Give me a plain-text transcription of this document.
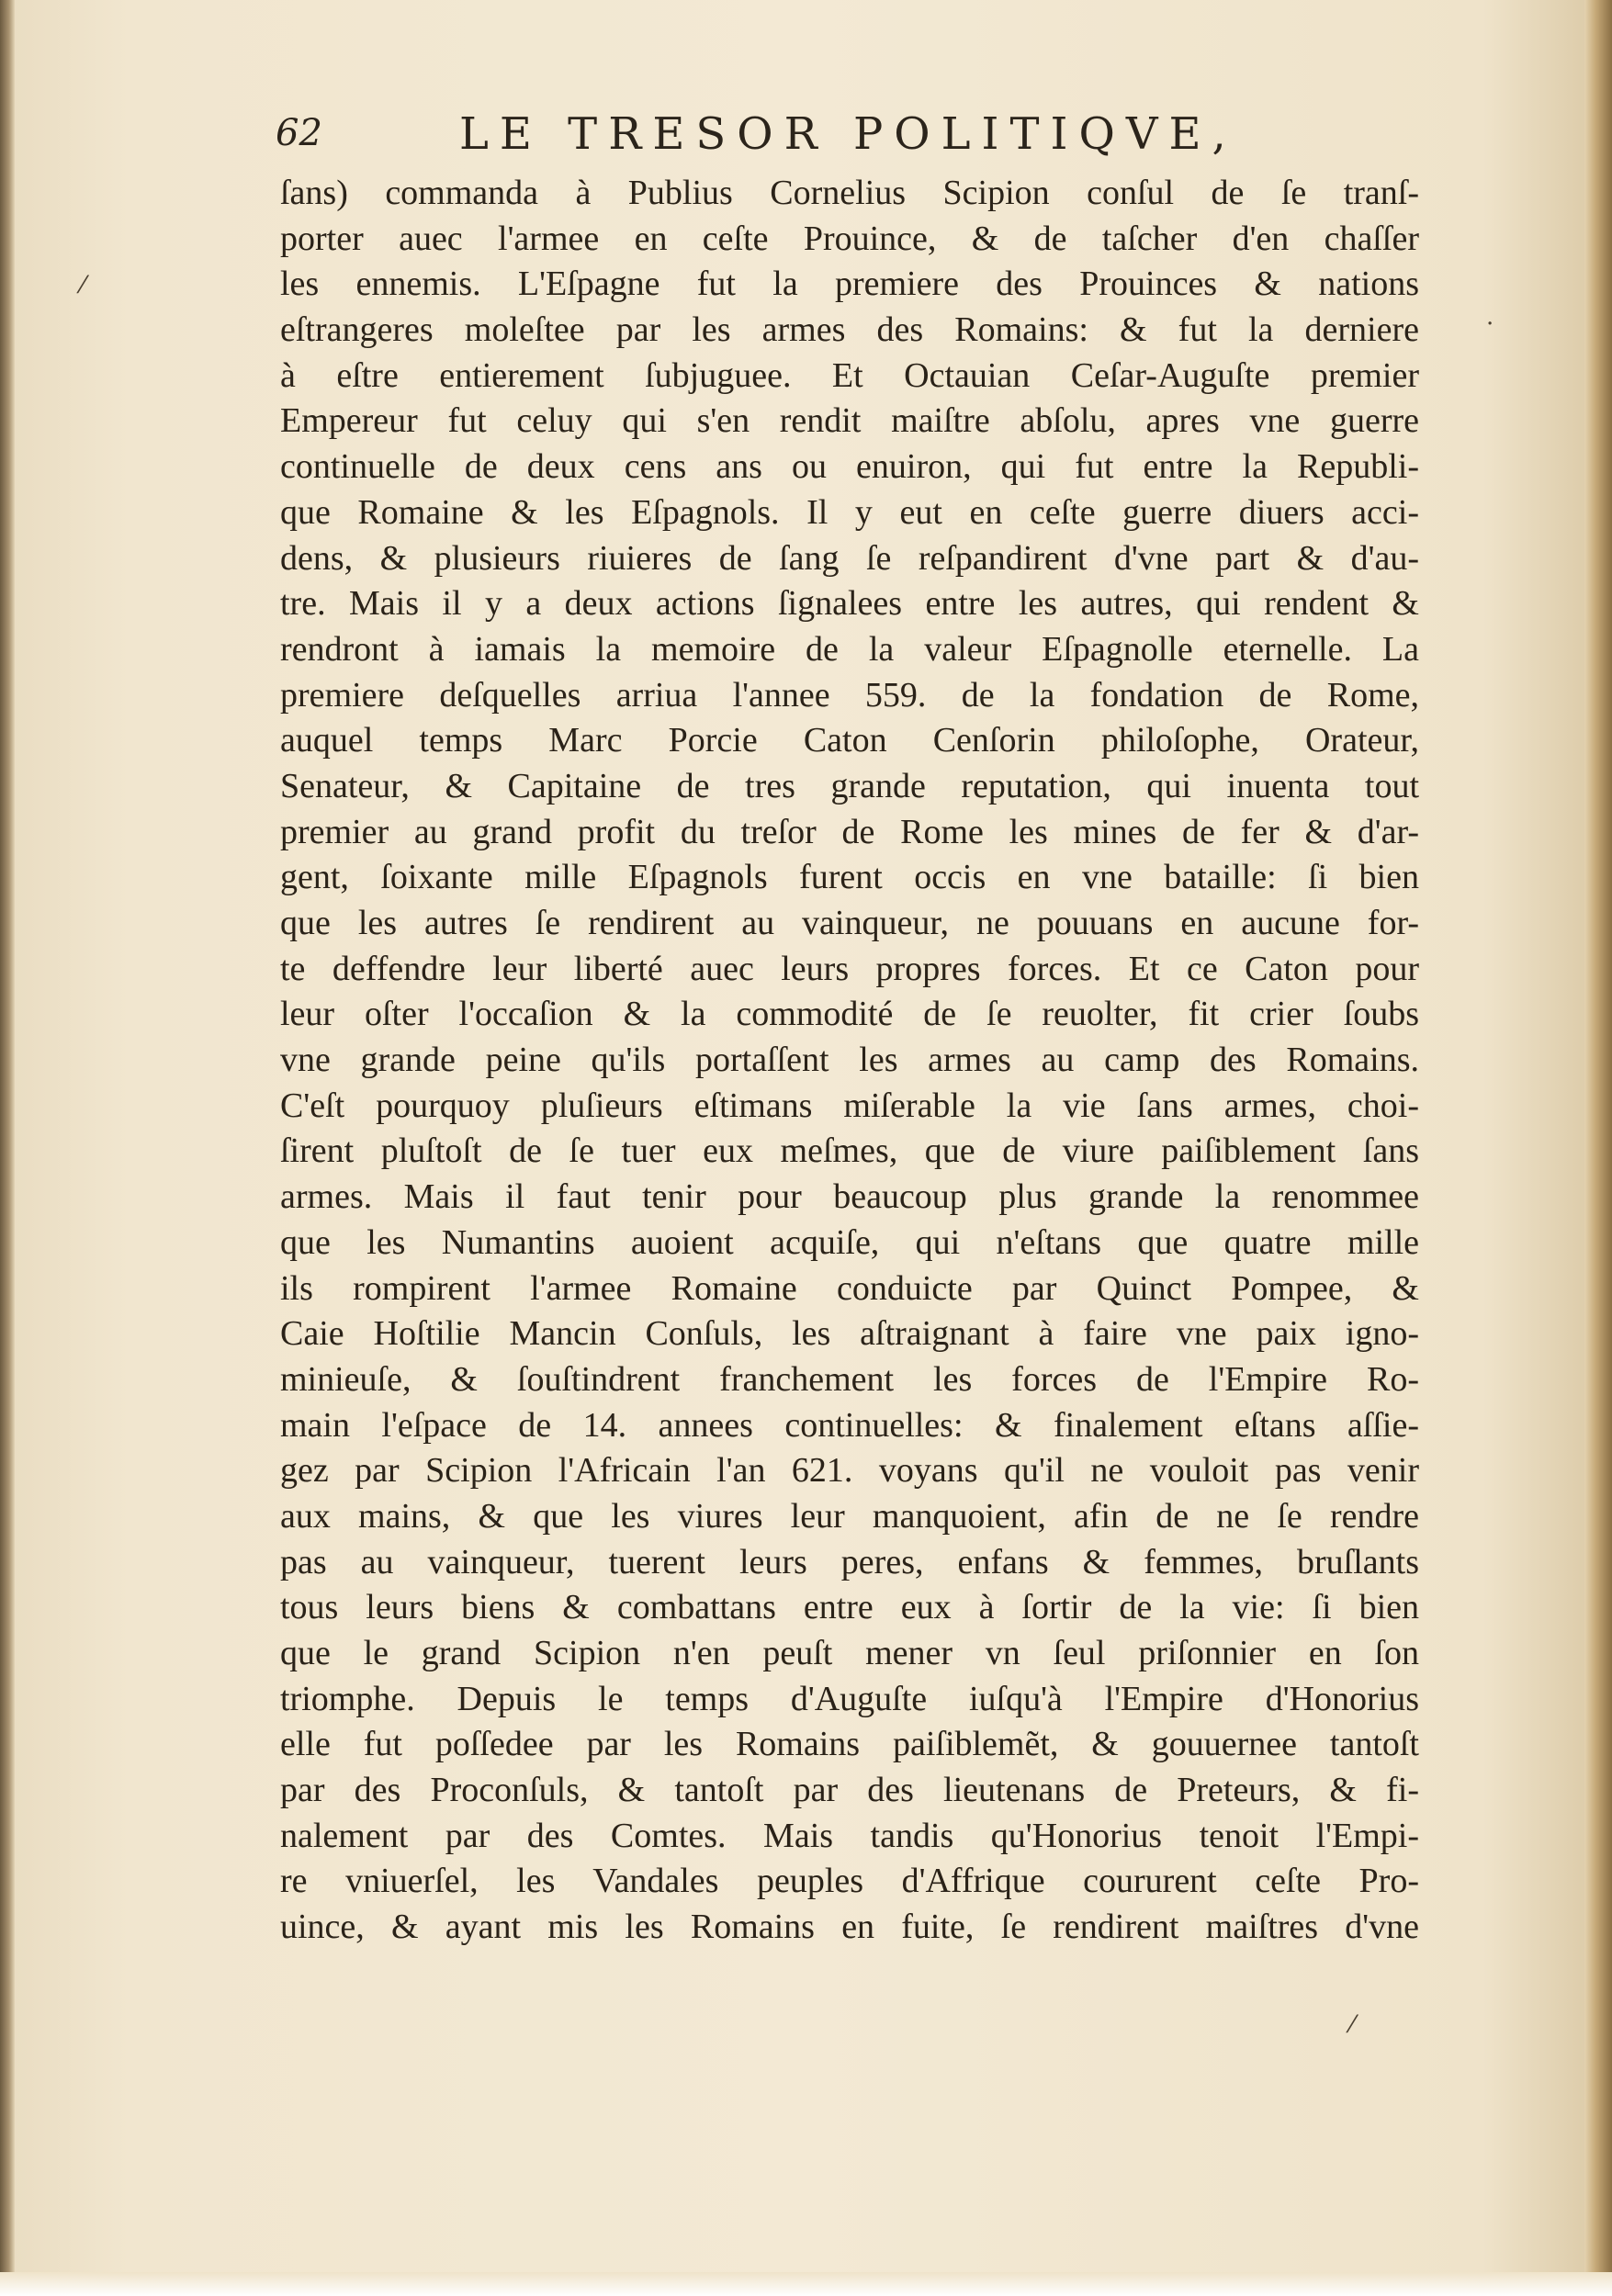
62	LE TRESOR POLITIQVE,
ſans) commanda à Publius Cornelius Scipion conſul de ſe tranſ-
porter auec l'armee en ceſte Prouince, & de taſcher d'en chaſſer
les ennemis. L'Eſpagne fut la premiere des Prouinces & nations
eſtrangeres moleſtee par les armes des Romains: & fut la derniere
à eſtre entierement ſubjuguee. Et Octauian Ceſar-Auguſte premier
Empereur fut celuy qui s'en rendit maiſtre abſolu, apres vne guerre
continuelle de deux cens ans ou enuiron, qui fut entre la Republi-
que Romaine & les Eſpagnols. Il y eut en ceſte guerre diuers acci-
dens, & plusieurs riuieres de ſang ſe reſpandirent d'vne part & d'au-
tre. Mais il y a deux actions ſignalees entre les autres, qui rendent &
rendront à iamais la memoire de la valeur Eſpagnolle eternelle. La
premiere deſquelles arriua l'annee 559. de la fondation de Rome,
auquel temps Marc Porcie Caton Cenſorin philoſophe, Orateur,
Senateur, & Capitaine de tres grande reputation, qui inuenta tout
premier au grand profit du treſor de Rome les mines de fer & d'ar-
gent, ſoixante mille Eſpagnols furent occis en vne bataille: ſi bien
que les autres ſe rendirent au vainqueur, ne pouuans en aucune for-
te deffendre leur liberté auec leurs propres forces. Et ce Caton pour
leur oſter l'occaſion & la commodité de ſe reuolter, fit crier ſoubs
vne grande peine qu'ils portaſſent les armes au camp des Romains.
C'eſt pourquoy pluſieurs eſtimans miſerable la vie ſans armes, choi-
ſirent pluſtoſt de ſe tuer eux meſmes, que de viure paiſiblement ſans
armes. Mais il faut tenir pour beaucoup plus grande la renommee
que les Numantins auoient acquiſe, qui n'eſtans que quatre mille
ils rompirent l'armee Romaine conduicte par Quinct Pompee, &
Caie Hoſtilie Mancin Conſuls, les aſtraignant à faire vne paix igno-
minieuſe, & ſouſtindrent franchement les forces de l'Empire Ro-
main l'eſpace de 14. annees continuelles: & finalement eſtans aſſie-
gez par Scipion l'Africain l'an 621. voyans qu'il ne vouloit pas venir
aux mains, & que les viures leur manquoient, afin de ne ſe rendre
pas au vainqueur, tuerent leurs peres, enfans & femmes, bruſlants
tous leurs biens & combattans entre eux à ſortir de la vie: ſi bien
que le grand Scipion n'en peuſt mener vn ſeul priſonnier en ſon
triomphe. Depuis le temps d'Auguſte iuſqu'à l'Empire d'Honorius
elle fut poſſedee par les Romains paiſiblemẽt, & gouuernee tantoſt
par des Proconſuls, & tantoſt par des lieutenans de Preteurs, & fi-
nalement par des Comtes. Mais tandis qu'Honorius tenoit l'Empi-
re vniuerſel, les Vandales peuples d'Affrique coururent ceſte Pro-
uince, & ayant mis les Romains en fuite, ſe rendirent maiſtres d'vne
·
⁄
⁄
